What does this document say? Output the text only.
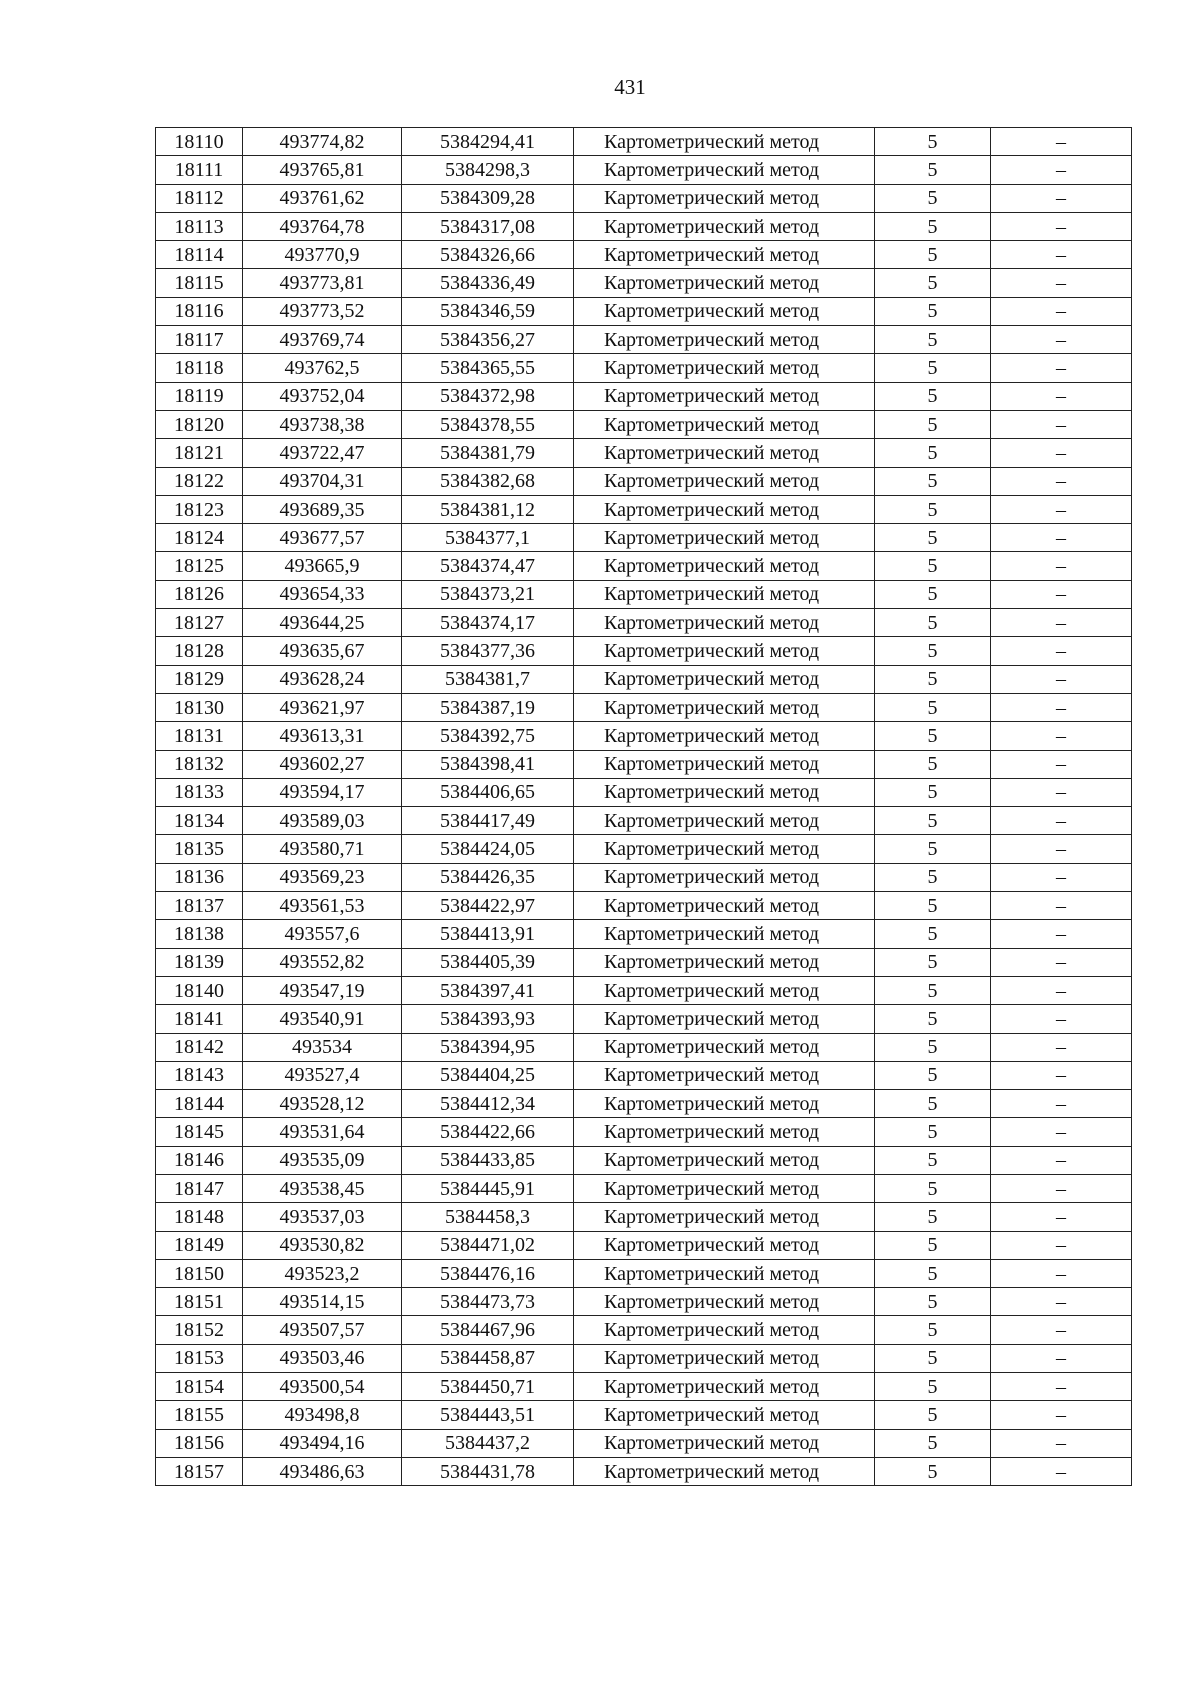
431
18110	493774,82	5384294,41	Картометрический метод	5	–
18111	493765,81	5384298,3	Картометрический метод	5	–
18112	493761,62	5384309,28	Картометрический метод	5	–
18113	493764,78	5384317,08	Картометрический метод	5	–
18114	493770,9	5384326,66	Картометрический метод	5	–
18115	493773,81	5384336,49	Картометрический метод	5	–
18116	493773,52	5384346,59	Картометрический метод	5	–
18117	493769,74	5384356,27	Картометрический метод	5	–
18118	493762,5	5384365,55	Картометрический метод	5	–
18119	493752,04	5384372,98	Картометрический метод	5	–
18120	493738,38	5384378,55	Картометрический метод	5	–
18121	493722,47	5384381,79	Картометрический метод	5	–
18122	493704,31	5384382,68	Картометрический метод	5	–
18123	493689,35	5384381,12	Картометрический метод	5	–
18124	493677,57	5384377,1	Картометрический метод	5	–
18125	493665,9	5384374,47	Картометрический метод	5	–
18126	493654,33	5384373,21	Картометрический метод	5	–
18127	493644,25	5384374,17	Картометрический метод	5	–
18128	493635,67	5384377,36	Картометрический метод	5	–
18129	493628,24	5384381,7	Картометрический метод	5	–
18130	493621,97	5384387,19	Картометрический метод	5	–
18131	493613,31	5384392,75	Картометрический метод	5	–
18132	493602,27	5384398,41	Картометрический метод	5	–
18133	493594,17	5384406,65	Картометрический метод	5	–
18134	493589,03	5384417,49	Картометрический метод	5	–
18135	493580,71	5384424,05	Картометрический метод	5	–
18136	493569,23	5384426,35	Картометрический метод	5	–
18137	493561,53	5384422,97	Картометрический метод	5	–
18138	493557,6	5384413,91	Картометрический метод	5	–
18139	493552,82	5384405,39	Картометрический метод	5	–
18140	493547,19	5384397,41	Картометрический метод	5	–
18141	493540,91	5384393,93	Картометрический метод	5	–
18142	493534	5384394,95	Картометрический метод	5	–
18143	493527,4	5384404,25	Картометрический метод	5	–
18144	493528,12	5384412,34	Картометрический метод	5	–
18145	493531,64	5384422,66	Картометрический метод	5	–
18146	493535,09	5384433,85	Картометрический метод	5	–
18147	493538,45	5384445,91	Картометрический метод	5	–
18148	493537,03	5384458,3	Картометрический метод	5	–
18149	493530,82	5384471,02	Картометрический метод	5	–
18150	493523,2	5384476,16	Картометрический метод	5	–
18151	493514,15	5384473,73	Картометрический метод	5	–
18152	493507,57	5384467,96	Картометрический метод	5	–
18153	493503,46	5384458,87	Картометрический метод	5	–
18154	493500,54	5384450,71	Картометрический метод	5	–
18155	493498,8	5384443,51	Картометрический метод	5	–
18156	493494,16	5384437,2	Картометрический метод	5	–
18157	493486,63	5384431,78	Картометрический метод	5	–
